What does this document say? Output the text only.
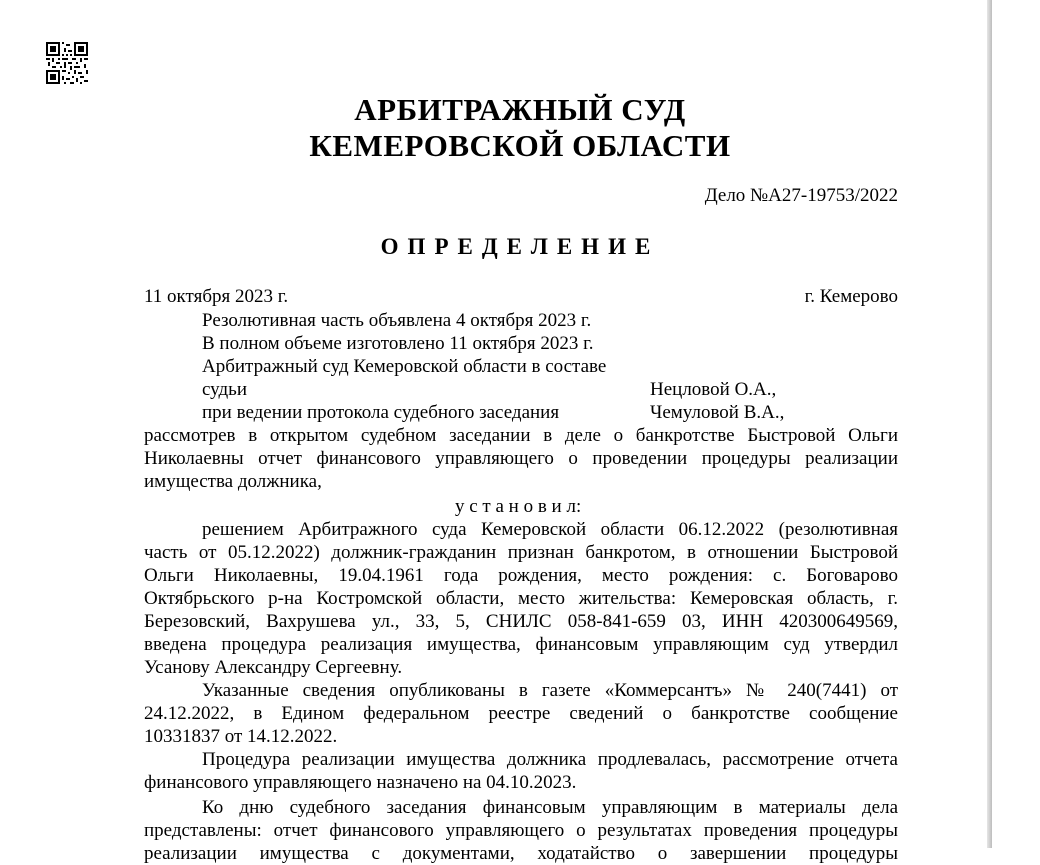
АРБИТРАЖНЫЙ СУД
КЕМЕРОВСКОЙ ОБЛАСТИ
Дело №А27-19753/2022
ОПРЕДЕЛЕНИЕ
11 октября 2023 г.	г. Кемерово
Резолютивная часть объявлена 4 октября 2023 г.
В полном объеме изготовлено 11 октября 2023 г.
Арбитражный суд Кемеровской области в составе
судьи	Нецловой О.А.,
при ведении протокола судебного заседания	Чемуловой В.А.,
рассмотрев в открытом судебном заседании в деле о банкротстве Быстровой Ольги
Николаевны отчет финансового управляющего о проведении процедуры реализации
имущества должника,
у с т а н о в и л:
решением Арбитражного суда Кемеровской области 06.12.2022 (резолютивная
часть от 05.12.2022) должник-гражданин признан банкротом, в отношении Быстровой
Ольги Николаевны, 19.04.1961 года рождения, место рождения: с. Боговарово
Октябрьского р-на Костромской области, место жительства: Кемеровская область, г.
Березовский, Вахрушева ул., 33, 5, СНИЛС 058-841-659 03, ИНН 420300649569,
введена процедура реализация имущества, финансовым управляющим суд утвердил
Усанову Александру Сергеевну.
Указанные сведения опубликованы в газете «Коммерсантъ» № 240(7441) от
24.12.2022, в Едином федеральном реестре сведений о банкротстве сообщение
10331837 от 14.12.2022.
Процедура реализации имущества должника продлевалась, рассмотрение отчета
финансового управляющего назначено на 04.10.2023.
Ко дню судебного заседания финансовым управляющим в материалы дела
представлены: отчет финансового управляющего о результатах проведения процедуры
реализации имущества с документами, ходатайство о завершении процедуры
